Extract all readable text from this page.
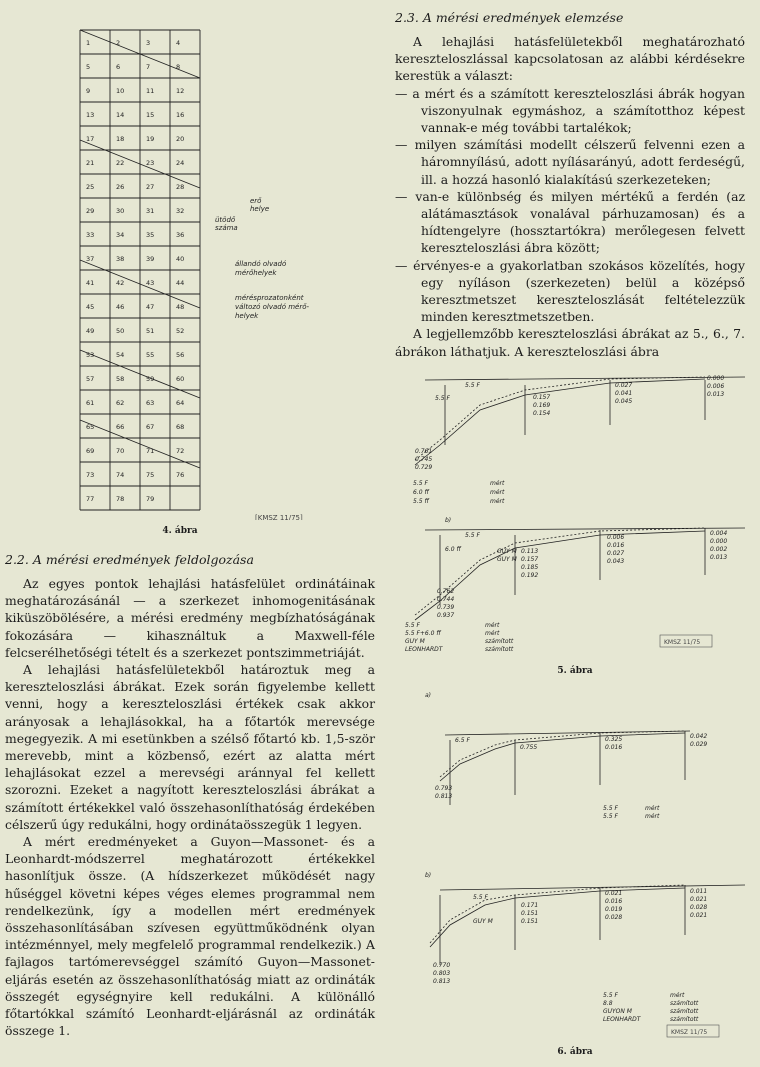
1	2	3	4
5	6	7	8
9	10	11	12
13	14	15	16
17	18	19	20
21	22	23	24
25	26	27	28
29	30	31	32
33	34	35	36
37	38	39	40
41	42	43	44
45	46	47	48
49	50	51	52
53	54	55	56
57	58	59	60
61	62	63	64
65	66	67	68
69	70	71	72
73	74	75	76
77	78	79
erő
helye
ütödő
száma
állandó olvadó
mérőhelyek
mérésprozatonként
változó olvadó mérő-
helyek
[KMSZ 11/75]
4. ábra

2.2. A mérési eredmények feldolgozása

Az egyes pontok lehajlási hatásfelület ordinátáinak meghatározásánál — a szerkezet inhomogenitásának kiküszöbölésére, a mérési eredmény megbízhatóságának fokozására — kihasználtuk a Maxwell-féle felcserélhetőségi tételt és a szerkezet pontszimmetriáját.

A lehajlási hatásfelületekből határoztuk meg a kereszteloszlási ábrákat. Ezek során figyelembe kellett venni, hogy a kereszteloszlási értékek csak akkor arányosak a lehajlásokkal, ha a főtartók merevsége megegyezik. A mi esetünkben a szélső főtartó kb. 1,5-ször merevebb, mint a közbenső, ezért az alatta mért lehajlásokat ezzel a merevségi aránnyal fel kellett szorozni. Ezeket a nagyított kereszteloszlási ábrákat a számított értékekkel való összehasonlíthatóság érdekében célszerű úgy redukálni, hogy ordinátaösszegük 1 legyen.

A mért eredményeket a Guyon—Massonet- és a Leonhardt-módszerrel meghatározott értékekkel hasonlítjuk össze. (A hídszerkezet működését nagy hűséggel követni képes véges elemes programmal nem rendelkezünk, így a modellen mért eredmények összehasonlításában szívesen együttműködnénk olyan intézménnyel, mely megfelelő programmal rendelkezik.) A fajlagos tartómerevséggel számító Guyon—Massonet-eljárás esetén az összehasonlíthatóság miatt az ordináták összegét egységnyire kell redukálni. A különálló főtartókkal számító Leonhardt-eljárásnál az ordináták összege 1.

2.3. A mérési eredmények elemzése

A lehajlási hatásfelületekből meghatározható kereszteloszlással kapcsolatosan az alábbi kérdésekre kerestük a választ:

— a mért és a számított kereszteloszlási ábrák hogyan viszonyulnak egymáshoz, a számítotthoz képest vannak-e még további tartalékok;
— milyen számítási modellt célszerű felvenni ezen a háromnyílású, adott nyílásarányú, adott ferdeségű, ill. a hozzá hasonló kialakítású szerkezeteken;
— van-e különbség és milyen mértékű a ferdén (az alátámasztások vonalával párhuzamosan) és a hídtengelyre (hossztartókra) merőlegesen felvett kereszteloszlási ábra között;
— érvényes-e a gyakorlatban szokásos közelítés, hogy egy nyíláson (szerkezeten) belül a középső keresztmetszet kereszteloszlását feltételezzük minden keresztmetszetben.

A legjellemzőbb kereszteloszlási ábrákat az 5., 6., 7. ábrákon láthatjuk. A kereszteloszlási ábra

5.5 F
5.5 F	0.157
0.169
0.154
0.027
0.041
0.045
0.000
0.006
0.013
0.761
0.745
0.729
5.5 F
6.0 ff
5.5 ff
mért
mért
mért
b)
5.5 F
GUY M
GUY M
6.0 ff	0.113
0.157
0.185
0.192
0.006
0.016
0.027
0.043
0.004
0.000
0.002
0.013
0.762
0.744
0.739
0.937
5.5 F
5.5 F+6.0 ff
GUY M
LEONHARDT
mért
mért
számított
számított
KMSZ 11/75
5. ábra
a)
6.5 F
0.755
0.325
0.016
0.042
0.029
0.793
0.813
5.5 F
5.5 F
mért
mért
b)
5.5 F
GUY M
0.171
0.151
0.151
0.021
0.016
0.019
0.028
0.011
0.021
0.028
0.021
0.770
0.803
0.813
5.5 F
8.8
GUYON M
LEONHARDT
mért
számított
számított
számított
KMSZ 11/75
6. ábra
